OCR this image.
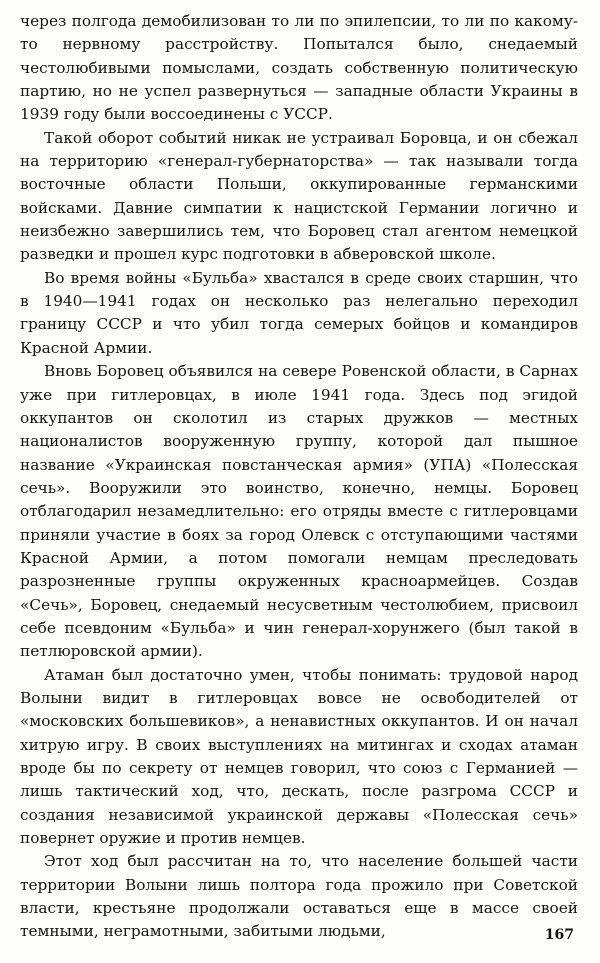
через полгода демобилизован то ли по эпилепсии, то ли по какому-то нервному расстройству. Попытался было, снедаемый честолюбивыми помыслами, создать собственную политическую партию, но не успел развернуться — западные области Украины в 1939 году были воссоединены с УССР.

Такой оборот событий никак не устраивал Боровца, и он сбежал на территорию «генерал-губернаторства» — так называли тогда восточные области Польши, оккупированные германскими войсками. Давние симпатии к нацистской Германии логично и неизбежно завершились тем, что Боровец стал агентом немецкой разведки и прошел курс подготовки в абверовской школе.

Во время войны «Бульба» хвастался в среде своих старшин, что в 1940—1941 годах он несколько раз нелегально переходил границу СССР и что убил тогда семерых бойцов и командиров Красной Армии.

Вновь Боровец объявился на севере Ровенской области, в Сарнах уже при гитлеровцах, в июле 1941 года. Здесь под эгидой оккупантов он сколотил из старых дружков — местных националистов вооруженную группу, которой дал пышное название «Украинская повстанческая армия» (УПА) «Полесская сечь». Вооружили это воинство, конечно, немцы. Боровец отблагодарил незамедлительно: его отряды вместе с гитлеровцами приняли участие в боях за город Олевск с отступающими частями Красной Армии, а потом помогали немцам преследовать разрозненные группы окруженных красноармейцев. Создав «Сечь», Боровец, снедаемый несусветным честолюбием, присвоил себе псевдоним «Бульба» и чин генерал-хорунжего (был такой в петлюровской армии).

Атаман был достаточно умен, чтобы понимать: трудовой народ Волыни видит в гитлеровцах вовсе не освободителей от «московских большевиков», а ненавистных оккупантов. И он начал хитрую игру. В своих выступлениях на митингах и сходах атаман вроде бы по секрету от немцев говорил, что союз с Германией — лишь тактический ход, что, дескать, после разгрома СССР и создания независимой украинской державы «Полесская сечь» повернет оружие и против немцев.

Этот ход был рассчитан на то, что население большей части территории Волыни лишь полтора года прожило при Советской власти, крестьяне продолжали оставаться еще в массе своей темными, неграмотными, забитыми людьми,	167
